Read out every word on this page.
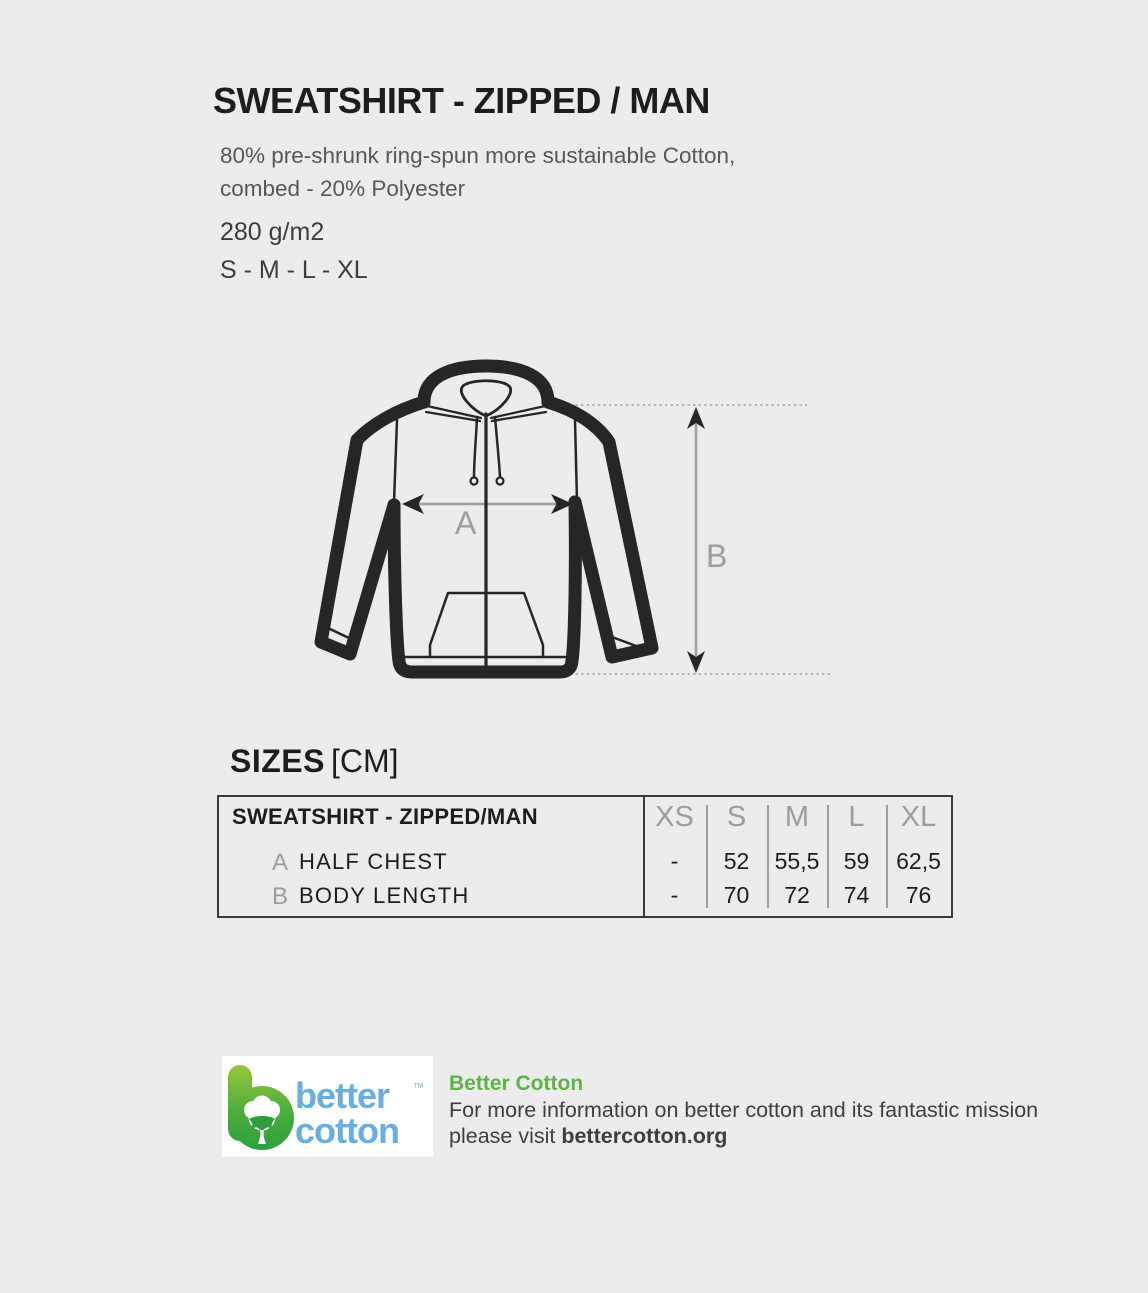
SWEATSHIRT - ZIPPED / MAN
80% pre-shrunk ring-spun more sustainable Cotton,
combed - 20% Polyester
280 g/m2
S - M - L - XL
A
B
SIZES [CM]
SWEATSHIRT - ZIPPED/MAN	XS	S	M	L	XL
A HALF CHEST	-	52	55,5	59	62,5
B BODY LENGTH	-	70	72	74	76
better
cotton
™ Better Cotton
For more information on better cotton and its fantastic mission
please visit bettercotton.org
